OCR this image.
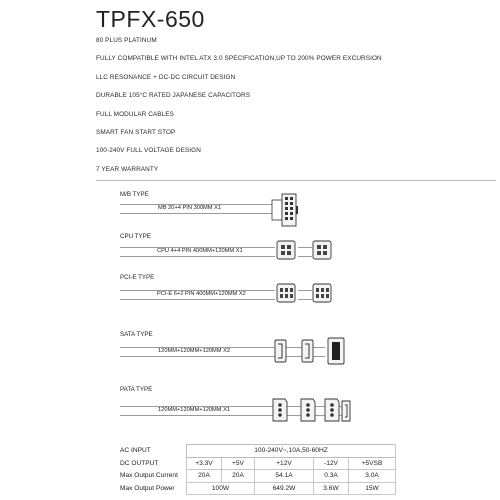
TPFX-650
80 PLUS PLATINUM
FULLY COMPATIBLE WITH INTEL ATX 3.0 SPECIFICATION,UP TO 200% POWER EXCURSION
LLC RESONANCE + DC-DC CIRCUIT DESIGN
DURABLE 105°C RATED JAPANESE CAPACITORS
FULL MODULAR CABLES
SMART FAN START STOP
100-240V FULL VOLTAGE DESIGN
7 YEAR WARRANTY
M/B TYPE
MB 20+4 PIN 300MM X1
CPU TYPE
CPU 4+4 PIN 400MM+120MM X1
PCI-E TYPE
PCI-E 6+2 PIN 400MM+120MM X2
SATA TYPE
120MM+120MM+120MM X2
PATA TYPE
120MM+120MM+120MM X1
AC INPUT	100-240V~,10A,50-60HZ				
DC OUTPUT	+3.3V	+5V	+12V	-12V	+5VSB
Max Output Current	20A	20A	54.1A	0.3A	3.0A
Max Output Power	100W		649.2W	3.6W	15W
